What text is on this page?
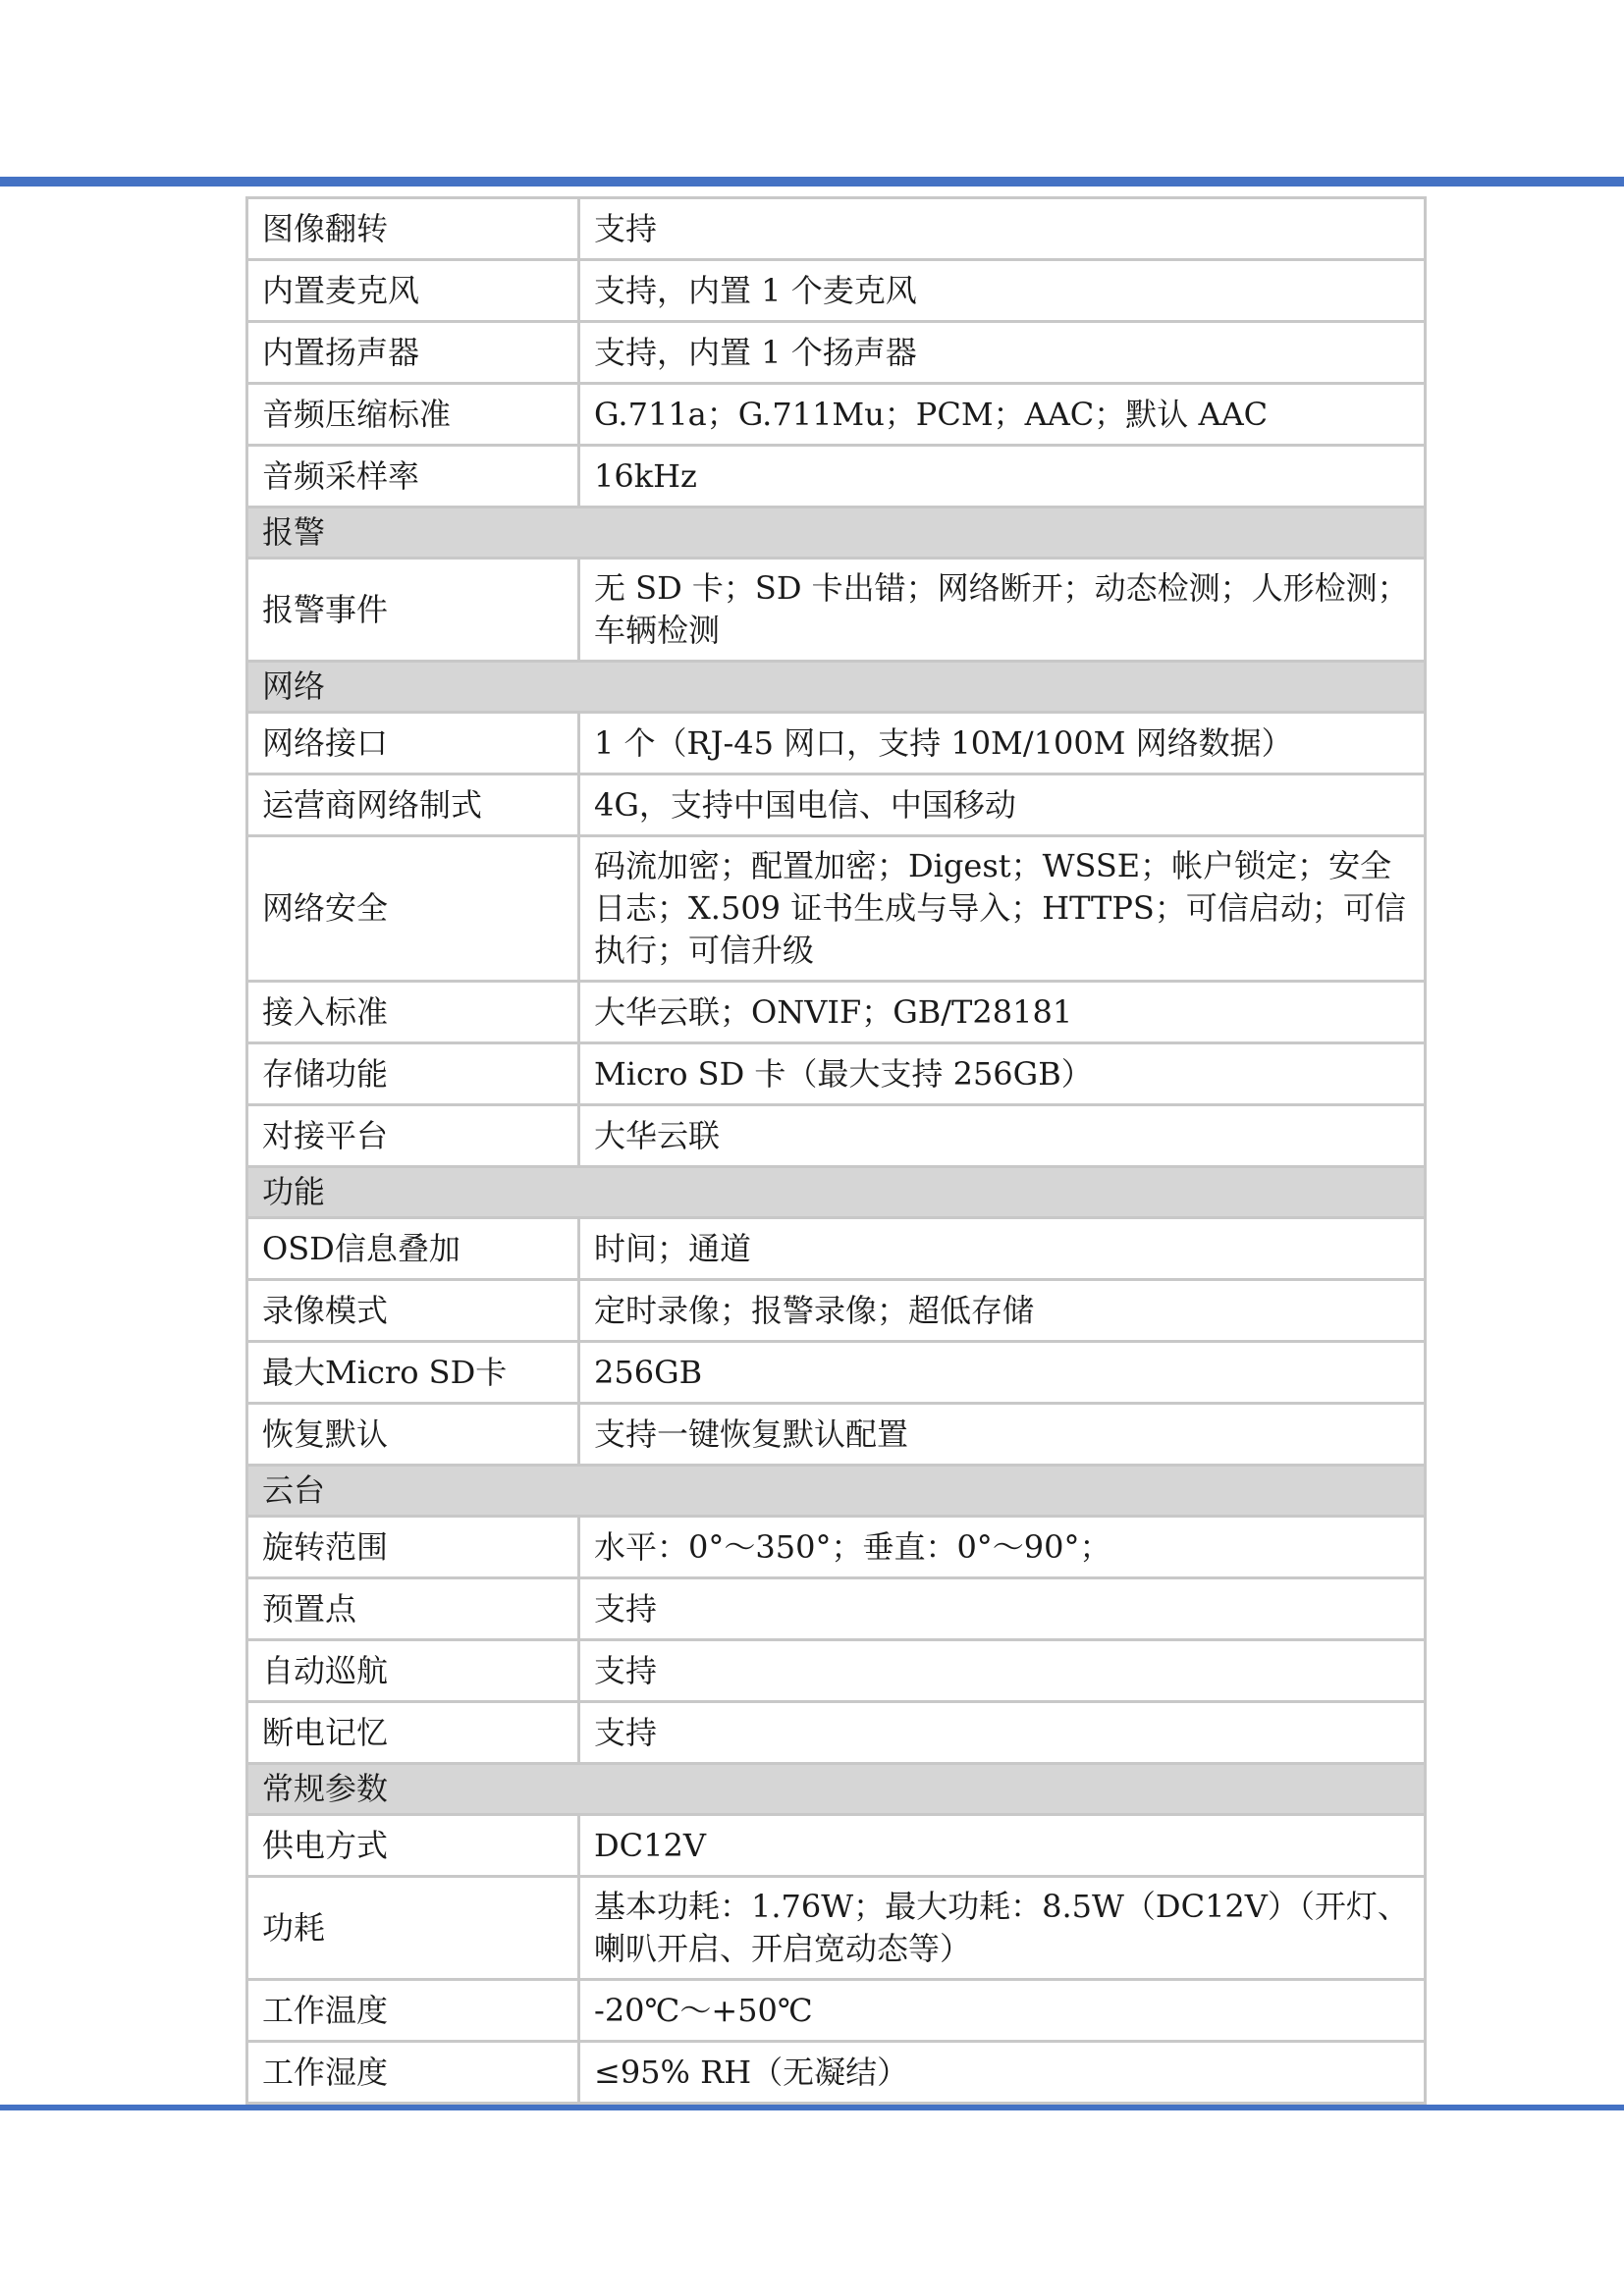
图像翻转	支持
内置麦克风	支持，内置 1 个麦克风
内置扬声器	支持，内置 1 个扬声器
音频压缩标准	G.711a；G.711Mu；PCM；AAC；默认 AAC
音频采样率	16kHz
报警	
报警事件	无 SD 卡；SD 卡出错；网络断开；动态检测；人形检测；车辆检测
网络	
网络接口	1 个（RJ-45 网口，支持 10M/100M 网络数据）
运营商网络制式	4G，支持中国电信、中国移动
网络安全	码流加密；配置加密；Digest；WSSE；帐户锁定；安全日志；X.509 证书生成与导入；HTTPS；可信启动；可信执行；可信升级
接入标准	大华云联；ONVIF；GB/T28181
存储功能	Micro SD 卡（最大支持 256GB）
对接平台	大华云联
功能	
OSD信息叠加	时间；通道
录像模式	定时录像；报警录像；超低存储
最大Micro SD卡	256GB
恢复默认	支持一键恢复默认配置
云台	
旋转范围	水平：0°～350°；垂直：0°～90°；
预置点	支持
自动巡航	支持
断电记忆	支持
常规参数	
供电方式	DC12V
功耗	基本功耗：1.76W；最大功耗：8.5W（DC12V）（开灯、喇叭开启、开启宽动态等）
工作温度	-20℃～+50℃
工作湿度	≤95% RH（无凝结）
